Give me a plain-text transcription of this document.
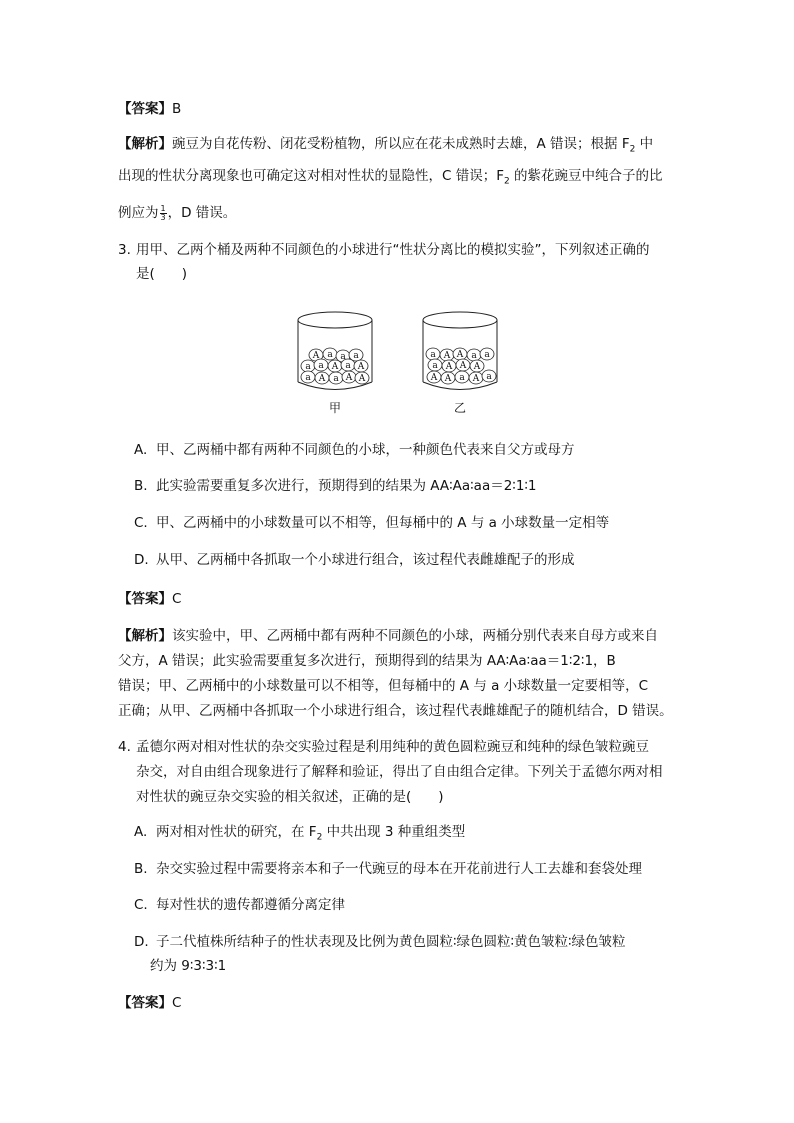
【答案】B
【解析】豌豆为自花传粉、闭花受粉植物，所以应在花未成熟时去雄，A 错误；根据 $F_2$ 中
出现的性状分离现象也可确定这对相对性状的显隐性，C 错误；$F_2$ 的紫花豌豆中纯合子的比
例应为 $\frac{1}{3}$ ，D 错误。
3. 用甲、乙两个桶及两种不同颜色的小球进行“性状分离比的模拟实验”，下列叙述正确的
是(　　)
A a a a
a a A a A
a A a A A
a A A a a
a A A A
A A a A a
甲	乙
A. 甲、乙两桶中都有两种不同颜色的小球，一种颜色代表来自父方或母方
B. 此实验需要重复多次进行，预期得到的结果为 AA∶Aa∶aa＝2∶1∶1
C. 甲、乙两桶中的小球数量可以不相等，但每桶中的 A 与 a 小球数量一定相等
D. 从甲、乙两桶中各抓取一个小球进行组合，该过程代表雌雄配子的形成
【答案】C
【解析】该实验中，甲、乙两桶中都有两种不同颜色的小球，两桶分别代表来自母方或来自
父方，A 错误；此实验需要重复多次进行，预期得到的结果为 AA∶Aa∶aa＝1∶2∶1，B
错误；甲、乙两桶中的小球数量可以不相等，但每桶中的 A 与 a 小球数量一定要相等，C
正确；从甲、乙两桶中各抓取一个小球进行组合，该过程代表雌雄配子的随机结合，D 错误。
4. 孟德尔两对相对性状的杂交实验过程是利用纯种的黄色圆粒豌豆和纯种的绿色皱粒豌豆
杂交，对自由组合现象进行了解释和验证，得出了自由组合定律。下列关于孟德尔两对相
对性状的豌豆杂交实验的相关叙述，正确的是(　　)
A. 两对相对性状的研究，在 $F_2$ 中共出现 3 种重组类型
B. 杂交实验过程中需要将亲本和子一代豌豆的母本在开花前进行人工去雄和套袋处理
C. 每对性状的遗传都遵循分离定律
D. 子二代植株所结种子的性状表现及比例为黄色圆粒∶绿色圆粒∶黄色皱粒∶绿色皱粒
约为 9∶3∶3∶1
【答案】C
